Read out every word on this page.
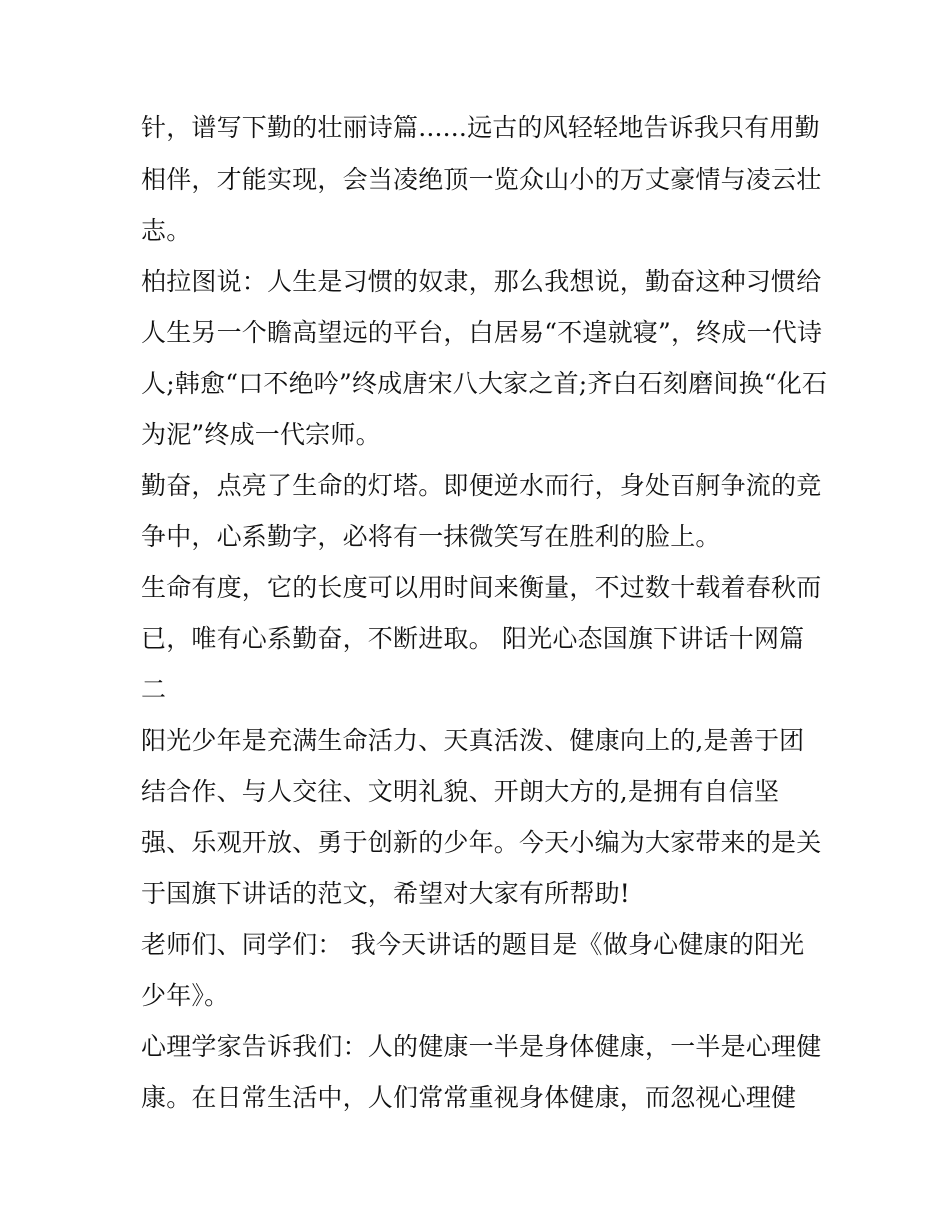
针，谱写下勤的壮丽诗篇......远古的风轻轻地告诉我只有用勤
相伴，才能实现，会当凌绝顶一览众山小的万丈豪情与凌云壮
志。
柏拉图说：人生是习惯的奴隶，那么我想说，勤奋这种习惯给
人生另一个瞻高望远的平台，白居易“不遑就寝”，终成一代诗
人;韩愈“口不绝吟”终成唐宋八大家之首;齐白石刻磨间换“化石
为泥”终成一代宗师。
勤奋，点亮了生命的灯塔。即便逆水而行，身处百舸争流的竞
争中，心系勤字，必将有一抹微笑写在胜利的脸上。
生命有度，它的长度可以用时间来衡量，不过数十载着春秋而
已，唯有心系勤奋，不断进取。 阳光心态国旗下讲话十网篇
二
阳光少年是充满生命活力、天真活泼、健康向上的,是善于团
结合作、与人交往、文明礼貌、开朗大方的,是拥有自信坚
强、乐观开放、勇于创新的少年。今天小编为大家带来的是关
于国旗下讲话的范文，希望对大家有所帮助!
老师们、同学们： 我今天讲话的题目是《做身心健康的阳光
少年》。
心理学家告诉我们：人的健康一半是身体健康，一半是心理健
康。在日常生活中，人们常常重视身体健康，而忽视心理健
